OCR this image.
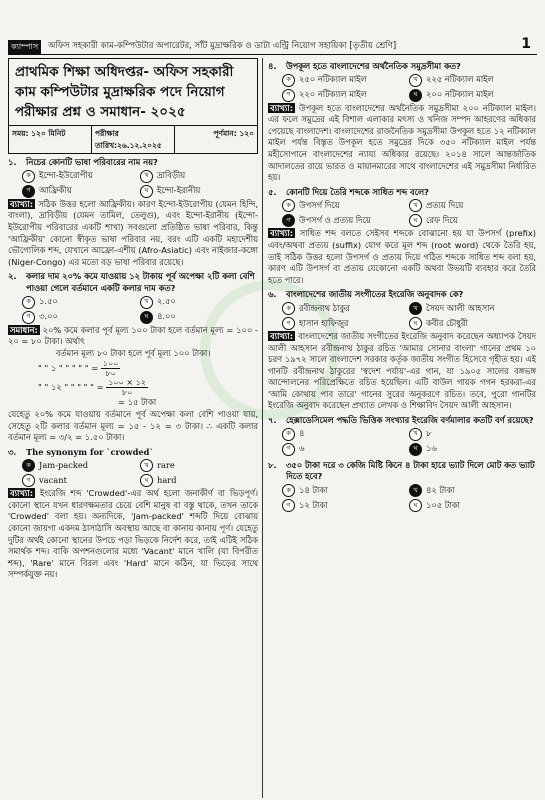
ক্যাম্পাস	অফিস সহকারী কাম-কম্পিউটার অপারেটর, সাঁট মুদ্রাক্ষরিক ও ডাটা এন্ট্রি নিয়োগ সহায়িকা [তৃতীয় শ্রেণি]	1
প্রাথমিক শিক্ষা অধিদপ্তর- অফিস সহকারী কাম কম্পিউটার মুদ্রাক্ষরিক পদে নিয়োগ পরীক্ষার প্রশ্ন ও সমাধান- ২০২৫
সময়: ১২০ মিনিট	পরীক্ষার তারিখ:২৬.১২.২০২৫
পূর্ণমান: ১২০
১.	নিচের কোনটি ভাষা পরিবারের নাম নয়?
ক ইন্দো-ইউরোপীয়	খ	দ্রাবিড়ীয়
গ	আফ্রিকীয়	ঘ	ইন্দো-ইরানীয়
ব্যাখ্যা: সঠিক উত্তর হলো আফ্রিকীয়। কারণ ইন্দো-ইউরোপীয় (যেমন হিন্দি, বাংলা), দ্রাবিড়ীয় (যেমন তামিল, তেলুগু), এবং ইন্দো-ইরানীয় (ইন্দো-ইউরোপীয় পরিবারের একটি শাখা) সবগুলো প্রতিষ্ঠিত ভাষা পরিবার, কিন্তু 'আফ্রিকীয়' কোনো স্বীকৃত ভাষা পরিবার নয়, বরং এটি একটি মহাদেশীয় ভৌগোলিক শব্দ, যেখানে আফ্রো-এশীয় (Afro-Asiatic) এবং নাইজার-কঙ্গো (Niger-Congo) এর মতো বড় ভাষা পরিবার রয়েছে।
২.	কলার দাম ২০% কমে যাওয়ায় ১২ টাকায় পূর্ব অপেক্ষা ২টি কলা বেশি পাওয়া গেলে বর্তমানে একটি কলার দাম কত?
ক ১.৫০	খ	২.৫০
গ	৩.০০	ঘ	৪.০০
সমাধান: ২০% কমে কলার পূর্ব মূল্য ১০০ টাকা হলে বর্তমান মূল্য = ১০০ - ২০ = ৮০ টাকা। অর্থাৎ
বর্তমান মূল্য ৮০ টাকা হলে পূর্ব মূল্য ১০০ টাকা।
" " ১ " " " " " = $\frac{১০০}{৮০}$
" " ১২ " " " " " = $\frac{১০০ \times ১২}{৮০}$
= ১৫ টাকা
যেহেতু ২০% কমে যাওয়ায় বর্তমানে পূর্ব অপেক্ষা কলা বেশি পাওয়া যায়, সেহেতু ২টি কলার বর্তমান মূল্য = ১৫ - ১২ = ৩ টাকা। ∴ একটি কলার বর্তমান মূল্য = ৩/২ = ১.৫০ টাকা।
৩.	The synonym for `crowded`
ক Jam-packed	খ	rare
গ	vacant	ঘ	hard
ব্যাখ্যা: ইংরেজি শব্দ 'Crowded'-এর অর্থ হলো জনাকীর্ণ বা ভিড়পূর্ণ। কোনো স্থানে যখন ধারণক্ষমতার চেয়ে বেশি মানুষ বা বস্তু থাকে, তখন তাকে 'Crowded' বলা হয়। অন্যদিকে, 'Jam-packed' শব্দটি দিয়ে বোঝায় কোনো জায়গা একদম ঠাসাঠাসি অবস্থায় আছে বা কানায় কানায় পূর্ণ। যেহেতু দুটির অর্থই কোনো স্থানের উপচে পড়া ভিড়কে নির্দেশ করে, তাই এটিই সঠিক সমার্থক শব্দ। বাকি অপশনগুলোর মধ্যে 'Vacant' মানে খালি (যা বিপরীত শব্দ), 'Rare' মানে বিরল এবং 'Hard' মানে কঠিন, যা ভিড়ের সাথে সম্পর্কযুক্ত নয়।
৪.	উপকূল হতে বাংলাদেশের অর্থনৈতিক সমুদ্রসীমা কত?
ক ২৫০ নটিক্যাল মাইল	খ	২২৫ নটিক্যাল মাইল
গ	২২০ নটিক্যাল মাইল	ঘ	২০০ নটিক্যাল মাইল
ব্যাখ্যা: উপকূল হতে বাংলাদেশের অর্থনৈতিক সমুদ্রসীমা ২০০ নটিক্যাল মাইল। এর ফলে সমুদ্রের এই বিশাল এলাকার মৎস্য ও খনিজ সম্পদ আহরণের অধিকার পেয়েছে বাংলাদেশ। বাংলাদেশের রাজনৈতিক সমুদ্রসীমা উপকূল হতে ১২ নটিক্যাল মাইল পর্যন্ত বিস্তৃত উপকূল হতে সমুদ্রের দিকে ৩৫০ নটিক্যাল মাইল পর্যন্ত মহীসোপানে বাংলাদেশের ন্যায্য অধিকার রয়েছে। ২০১৪ সালে আন্তর্জাতিক আদালতের রায়ে ভারত ও মায়ানমারের সাথে বাংলাদেশের এই সমুদ্রসীমা নির্ধারিত হয়।
৫.	কোনটি দিয়ে তৈরি শব্দকে সাধিত শব্দ বলে?
ক উপসর্গ দিয়ে	খ	প্রত্যয় দিয়ে
গ	উপসর্গ ও প্রত্যয় দিয়ে	ঘ	রেফ দিয়ে
ব্যাখ্যা: সাধিত শব্দ বলতে সেইসব শব্দকে বোঝানো হয় যা উপসর্গ (prefix) এবং/অথবা প্রত্যয় (suffix) যোগ করে মূল শব্দ (root word) থেকে তৈরি হয়, তাই সঠিক উত্তর হলো উপসর্গ ও প্রত্যয় দিয়ে গঠিত শব্দকে সাধিত শব্দ বলা হয়, কারণ এটি উপসর্গ বা প্রত্যয় যেকোনো একটি অথবা উভয়টি ব্যবহার করে তৈরি হতে পারে।
৬.	বাংলাদেশের জাতীয় সংগীতের ইংরেজি অনুবাদক কে?
ক রবীন্দ্রনাথ ঠাকুর	খ	সৈয়দ আলী আহসান
গ	হাসান হাফিজুর	ঘ	কবীর চৌধুরী
ব্যাখ্যা: বাংলাদেশের জাতীয় সংগীতের ইংরেজি অনুবাদ করেছেন অধ্যাপক সৈয়দ আলী আহসান রবীন্দ্রনাথ ঠাকুর রচিত 'আমার সোনার বাংলা' গানের প্রথম ১০ চরণ ১৯৭২ সালে বাংলাদেশ সরকার কর্তৃক জাতীয় সংগীত হিসেবে গৃহীত হয়। এই গানটি রবীন্দ্রনাথ ঠাকুরের 'স্বদেশ পর্যায়'-এর গান, যা ১৯০৫ সালের বঙ্গভঙ্গ আন্দোলনের পরিপ্রেক্ষিতে রচিত হয়েছিল। এটি বাউল গায়ক গগন হরকরা-এর 'আমি কোথায় পাব তারে' গানের সুরের অনুকরণে রচিত। তবে, পুরো গানটির ইংরেজি অনুবাদ করেছেন প্রখ্যাত লেখক ও শিক্ষাবিদ সৈয়দ আলী আহসান।
৭.	হেক্সাডেসিমেল পদ্ধতি ভিত্তিক সংখ্যার ইংরেজি বর্ণমালার কতটি বর্ণ রয়েছে?
ক ৪	খ	৮
গ	৬	ঘ	১৬
৮.	৩৫০ টাকা দরে ৩ কেজি মিষ্টি কিনে ৪ টাকা হারে ভ্যাট দিলে মোট কত ভ্যাট দিতে হবে?
ক ১৪ টাকা	খ	৪২ টাকা
গ	১২ টাকা	ঘ	১০৫ টাকা
